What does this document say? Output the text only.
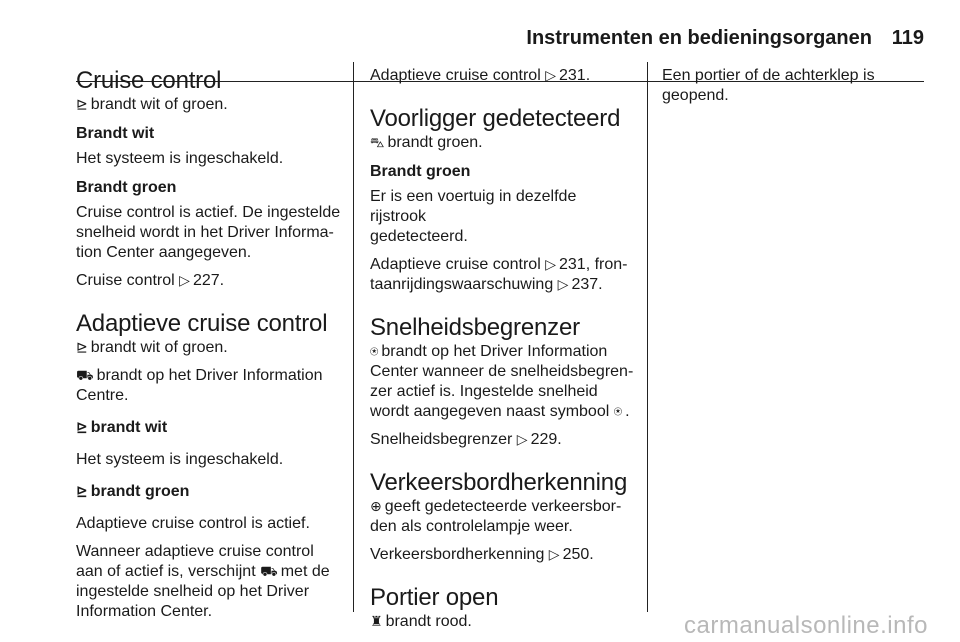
Instrumenten en bedieningsorganen 119
Cruise control

⊵ brandt wit of groen.

Brandt wit

Het systeem is ingeschakeld.

Brandt groen

Cruise control is actief. De ingestelde
snelheid wordt in het Driver Informa-
tion Center aangegeven.

Cruise control ▷ 227.

Adaptieve cruise control

⊵ brandt wit of groen.

⛟ brandt op het Driver Information
Centre.

⊵ brandt wit

Het systeem is ingeschakeld.

⊵ brandt groen

Adaptieve cruise control is actief.

Wanneer adaptieve cruise control
aan of actief is, verschijnt ⛟ met de
ingestelde snelheid op het Driver
Information Center.

Adaptieve cruise control ▷ 231.

Voorligger gedetecteerd

⛍ brandt groen.

Brandt groen

Er is een voertuig in dezelfde rijstrook
gedetecteerd.

Adaptieve cruise control ▷ 231, fron-
taanrijdingswaarschuwing ▷ 237.

Snelheidsbegrenzer

⍟ brandt op het Driver Information
Center wanneer de snelheidsbegren-
zer actief is. Ingestelde snelheid
wordt aangegeven naast symbool ⍟ .

Snelheidsbegrenzer ▷ 229.

Verkeersbordherkenning

⊕ geeft gedetecteerde verkeersbor-
den als controlelampje weer.

Verkeersbordherkenning ▷ 250.

Portier open

♜ brandt rood.

Een portier of de achterklep is
geopend.

carmanualsonline.info
